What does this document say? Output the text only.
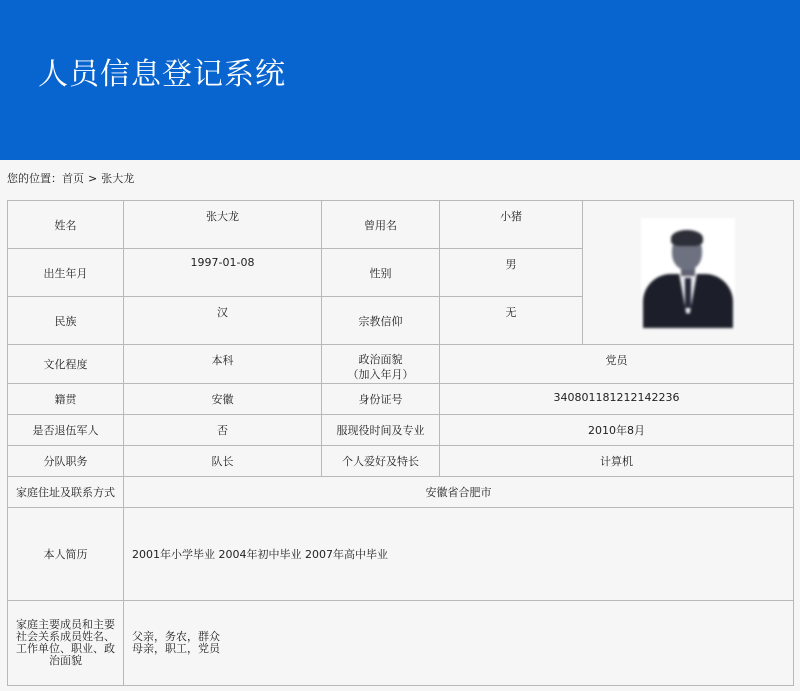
人员信息登记系统
您的位置：首页 > 张大龙
姓名	张大龙	曾用名	小猪	

出生年月	1997-01-08	性别	男	
民族	汉	宗教信仰	无	
文化程度	本科	政治面貌
（加入年月）	党员	
籍贯	安徽	身份证号	340801181212142236	
是否退伍军人	否	服现役时间及专业	2010年8月	
分队职务	队长	个人爱好及特长	计算机	
家庭住址及联系方式	安徽省合肥市			
本人简历	2001年小学毕业 2004年初中毕业 2007年高中毕业			
家庭主要成员和主要社会关系成员姓名、工作单位、职业、政治面貌	父亲，务农，群众
母亲，职工，党员			
